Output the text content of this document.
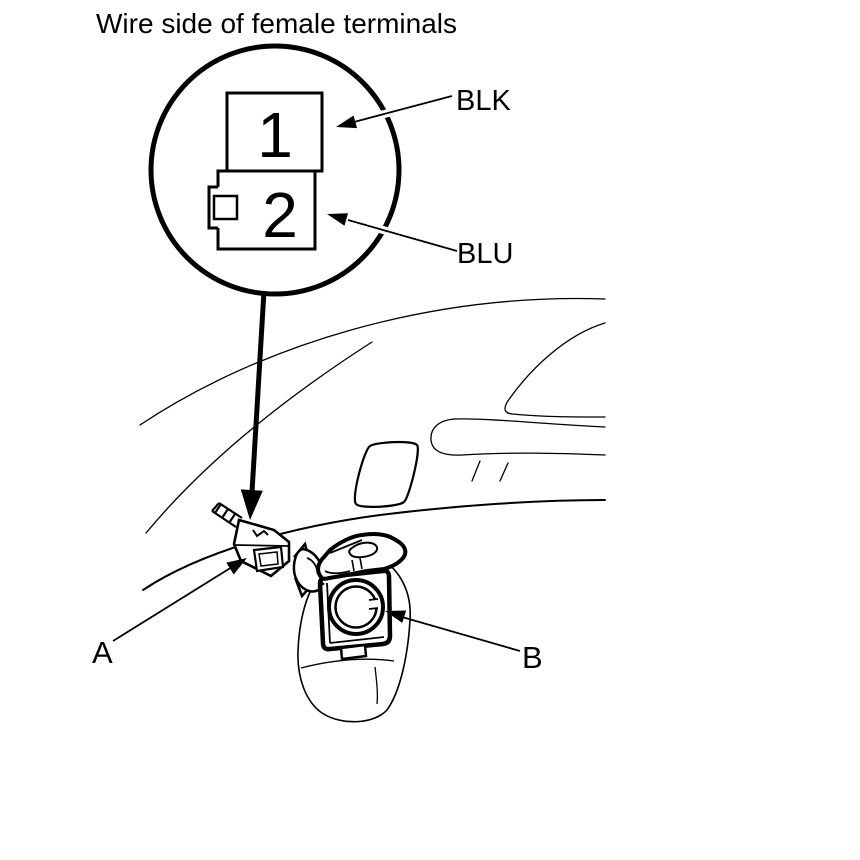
Wire side of female terminals
1
2
BLK
BLU
A	B
